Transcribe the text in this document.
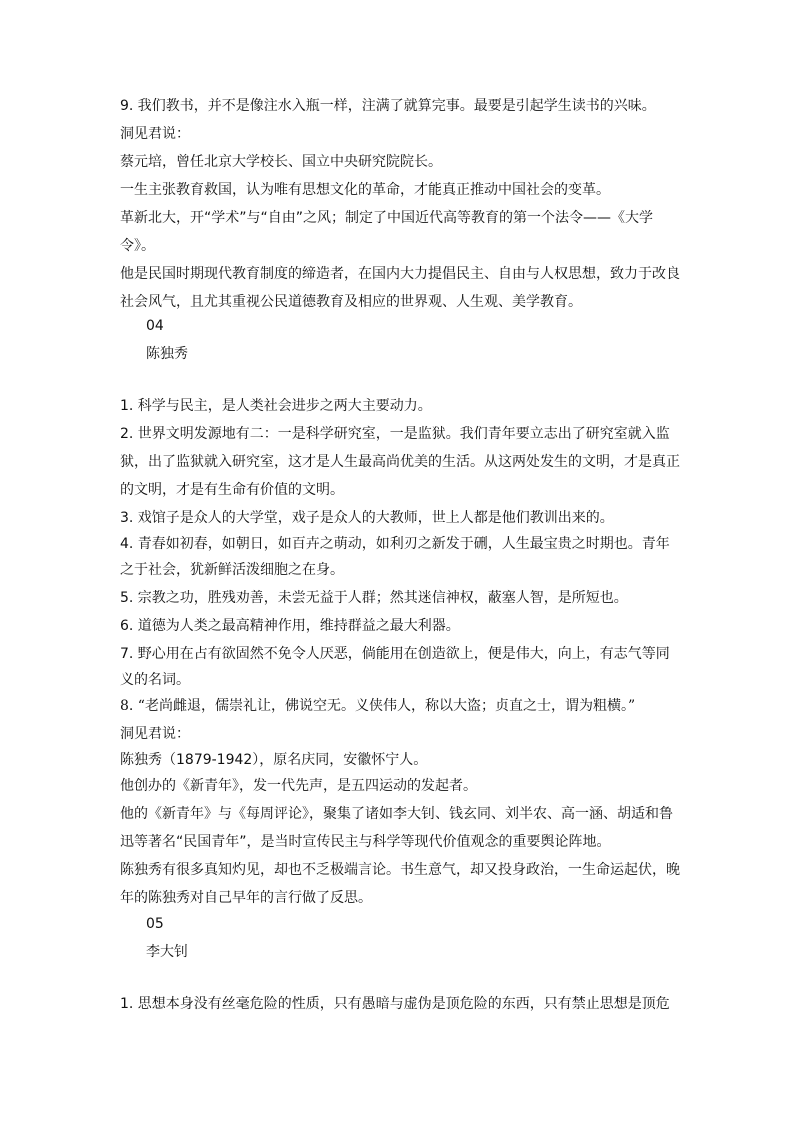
9. 我们教书，并不是像注水入瓶一样，注满了就算完事。最要是引起学生读书的兴味。

洞见君说：

蔡元培，曾任北京大学校长、国立中央研究院院长。

一生主张教育救国，认为唯有思想文化的革命，才能真正推动中国社会的变革。

革新北大，开“学术”与“自由”之风；制定了中国近代高等教育的第一个法令——《大学

令》。

他是民国时期现代教育制度的缔造者，在国内大力提倡民主、自由与人权思想，致力于改良

社会风气，且尤其重视公民道德教育及相应的世界观、人生观、美学教育。

04

陈独秀

1. 科学与民主，是人类社会进步之两大主要动力。

2. 世界文明发源地有二：一是科学研究室，一是监狱。我们青年要立志出了研究室就入监

狱，出了监狱就入研究室，这才是人生最高尚优美的生活。从这两处发生的文明，才是真正

的文明，才是有生命有价值的文明。

3. 戏馆子是众人的大学堂，戏子是众人的大教师，世上人都是他们教训出来的。

4. 青春如初春，如朝日，如百卉之萌动，如利刃之新发于硎，人生最宝贵之时期也。青年

之于社会，犹新鲜活泼细胞之在身。

5. 宗教之功，胜残劝善，未尝无益于人群；然其迷信神权，蔽塞人智，是所短也。

6. 道德为人类之最高精神作用，维持群益之最大利器。

7. 野心用在占有欲固然不免令人厌恶，倘能用在创造欲上，便是伟大，向上，有志气等同

义的名词。

8. “老尚雌退，儒崇礼让，佛说空无。义侠伟人，称以大盗；贞直之士，谓为粗横。”

洞见君说：

陈独秀（1879-1942），原名庆同，安徽怀宁人。

他创办的《新青年》，发一代先声，是五四运动的发起者。

他的《新青年》与《每周评论》，聚集了诸如李大钊、钱玄同、刘半农、高一涵、胡适和鲁

迅等著名“民国青年”，是当时宣传民主与科学等现代价值观念的重要舆论阵地。

陈独秀有很多真知灼见，却也不乏极端言论。书生意气，却又投身政治，一生命运起伏，晚

年的陈独秀对自己早年的言行做了反思。

05

李大钊

1. 思想本身没有丝毫危险的性质，只有愚暗与虚伪是顶危险的东西，只有禁止思想是顶危
